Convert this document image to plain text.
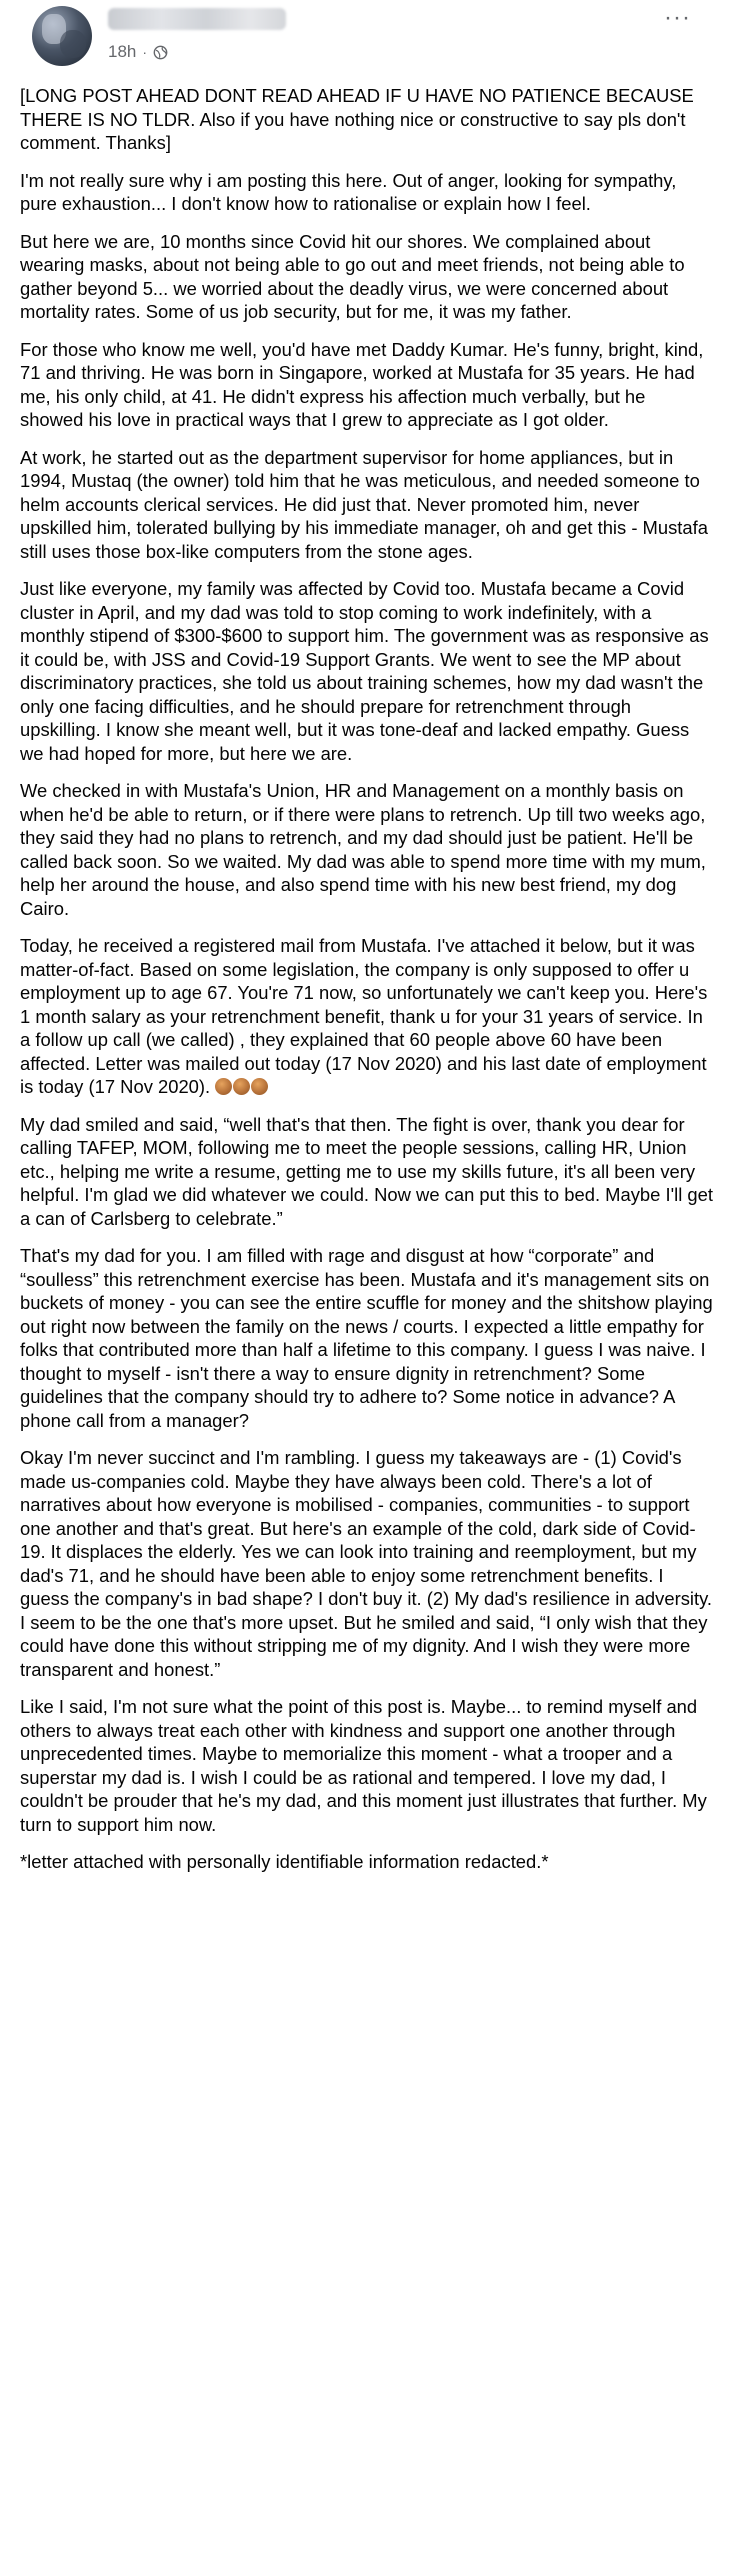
18h ·
···

[LONG POST AHEAD DONT READ AHEAD IF U HAVE NO PATIENCE BECAUSE THERE IS NO TLDR. Also if you have nothing nice or constructive to say pls don't comment. Thanks]

I'm not really sure why i am posting this here. Out of anger, looking for sympathy, pure exhaustion... I don't know how to rationalise or explain how I feel.

But here we are, 10 months since Covid hit our shores. We complained about wearing masks, about not being able to go out and meet friends, not being able to gather beyond 5... we worried about the deadly virus, we were concerned about mortality rates. Some of us job security, but for me, it was my father.

For those who know me well, you'd have met Daddy Kumar. He's funny, bright, kind, 71 and thriving. He was born in Singapore, worked at Mustafa for 35 years. He had me, his only child, at 41. He didn't express his affection much verbally, but he showed his love in practical ways that I grew to appreciate as I got older.

At work, he started out as the department supervisor for home appliances, but in 1994, Mustaq (the owner) told him that he was meticulous, and needed someone to helm accounts clerical services. He did just that. Never promoted him, never upskilled him, tolerated bullying by his immediate manager, oh and get this - Mustafa still uses those box-like computers from the stone ages.

Just like everyone, my family was affected by Covid too. Mustafa became a Covid cluster in April, and my dad was told to stop coming to work indefinitely, with a monthly stipend of $300-$600 to support him. The government was as responsive as it could be, with JSS and Covid-19 Support Grants. We went to see the MP about discriminatory practices, she told us about training schemes, how my dad wasn't the only one facing difficulties, and he should prepare for retrenchment through upskilling. I know she meant well, but it was tone-deaf and lacked empathy. Guess we had hoped for more, but here we are.

We checked in with Mustafa's Union, HR and Management on a monthly basis on when he'd be able to return, or if there were plans to retrench. Up till two weeks ago, they said they had no plans to retrench, and my dad should just be patient. He'll be called back soon. So we waited. My dad was able to spend more time with my mum, help her around the house, and also spend time with his new best friend, my dog Cairo.

Today, he received a registered mail from Mustafa. I've attached it below, but it was matter-of-fact. Based on some legislation, the company is only supposed to offer u employment up to age 67. You're 71 now, so unfortunately we can't keep you. Here's 1 month salary as your retrenchment benefit, thank u for your 31 years of service. In a follow up call (we called) , they explained that 60 people above 60 have been affected. Letter was mailed out today (17 Nov 2020) and his last date of employment is today (17 Nov 2020).

My dad smiled and said, “well that's that then. The fight is over, thank you dear for calling TAFEP, MOM, following me to meet the people sessions, calling HR, Union etc., helping me write a resume, getting me to use my skills future, it's all been very helpful. I'm glad we did whatever we could. Now we can put this to bed. Maybe I'll get a can of Carlsberg to celebrate.”

That's my dad for you. I am filled with rage and disgust at how “corporate” and “soulless” this retrenchment exercise has been. Mustafa and it's management sits on buckets of money - you can see the entire scuffle for money and the shitshow playing out right now between the family on the news / courts. I expected a little empathy for folks that contributed more than half a lifetime to this company. I guess I was naive. I thought to myself - isn't there a way to ensure dignity in retrenchment? Some guidelines that the company should try to adhere to? Some notice in advance? A phone call from a manager?

Okay I'm never succinct and I'm rambling. I guess my takeaways are - (1) Covid's made us-companies cold. Maybe they have always been cold. There's a lot of narratives about how everyone is mobilised - companies, communities - to support one another and that's great. But here's an example of the cold, dark side of Covid-19. It displaces the elderly. Yes we can look into training and reemployment, but my dad's 71, and he should have been able to enjoy some retrenchment benefits. I guess the company's in bad shape? I don't buy it. (2) My dad's resilience in adversity. I seem to be the one that's more upset. But he smiled and said, “I only wish that they could have done this without stripping me of my dignity. And I wish they were more transparent and honest.”

Like I said, I'm not sure what the point of this post is. Maybe... to remind myself and others to always treat each other with kindness and support one another through unprecedented times. Maybe to memorialize this moment - what a trooper and a superstar my dad is. I wish I could be as rational and tempered. I love my dad, I couldn't be prouder that he's my dad, and this moment just illustrates that further. My turn to support him now.

*letter attached with personally identifiable information redacted.*
